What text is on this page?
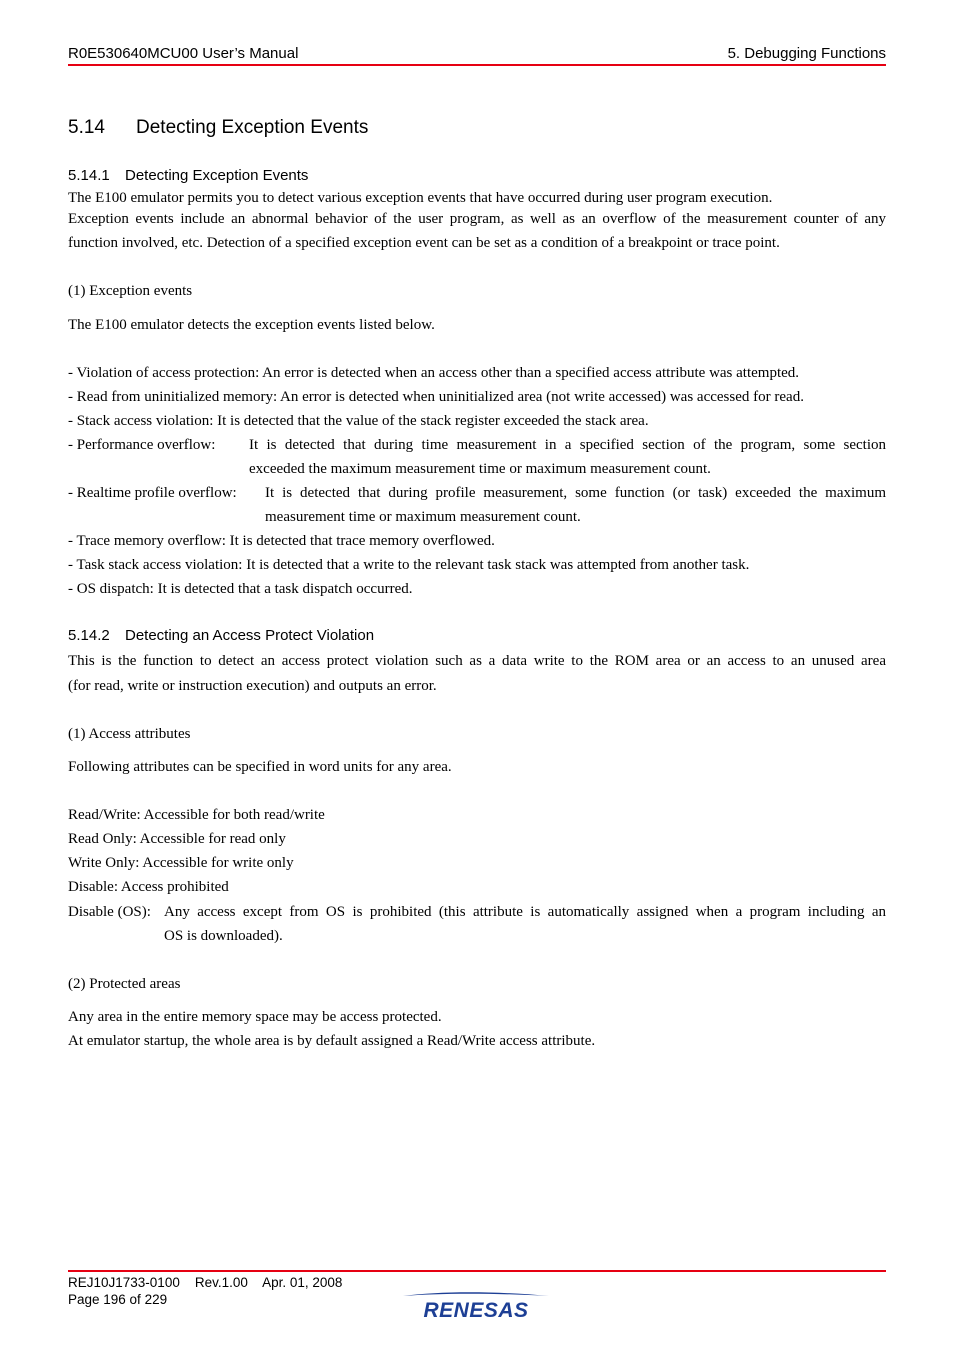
R0E530640MCU00 User’s Manual	5. Debugging Functions
5.14 Detecting Exception Events
5.14.1 Detecting Exception Events
The E100 emulator permits you to detect various exception events that have occurred during user program execution.
Exception events include an abnormal behavior of the user program, as well as an overflow of the measurement counter of any
function involved, etc. Detection of a specified exception event can be set as a condition of a breakpoint or trace point.
(1) Exception events
The E100 emulator detects the exception events listed below.
- Violation of access protection: An error is detected when an access other than a specified access attribute was attempted.
- Read from uninitialized memory: An error is detected when uninitialized area (not write accessed) was accessed for read.
- Stack access violation: It is detected that the value of the stack register exceeded the stack area.
- Performance overflow: It is detected that during time measurement in a specified section of the program, some section
exceeded the maximum measurement time or maximum measurement count.
- Realtime profile overflow: It is detected that during profile measurement, some function (or task) exceeded the maximum
measurement time or maximum measurement count.
- Trace memory overflow: It is detected that trace memory overflowed.
- Task stack access violation: It is detected that a write to the relevant task stack was attempted from another task.
- OS dispatch: It is detected that a task dispatch occurred.
5.14.2 Detecting an Access Protect Violation
This is the function to detect an access protect violation such as a data write to the ROM area or an access to an unused area
(for read, write or instruction execution) and outputs an error.
(1) Access attributes
Following attributes can be specified in word units for any area.
Read/Write: Accessible for both read/write
Read Only: Accessible for read only
Write Only: Accessible for write only
Disable: Access prohibited
Disable (OS): Any access except from OS is prohibited (this attribute is automatically assigned when a program including an
OS is downloaded).
(2) Protected areas
Any area in the entire memory space may be access protected.
At emulator startup, the whole area is by default assigned a Read/Write access attribute.
REJ10J1733-0100    Rev.1.00    Apr. 01, 2008
Page 196 of 229	RENESAS
